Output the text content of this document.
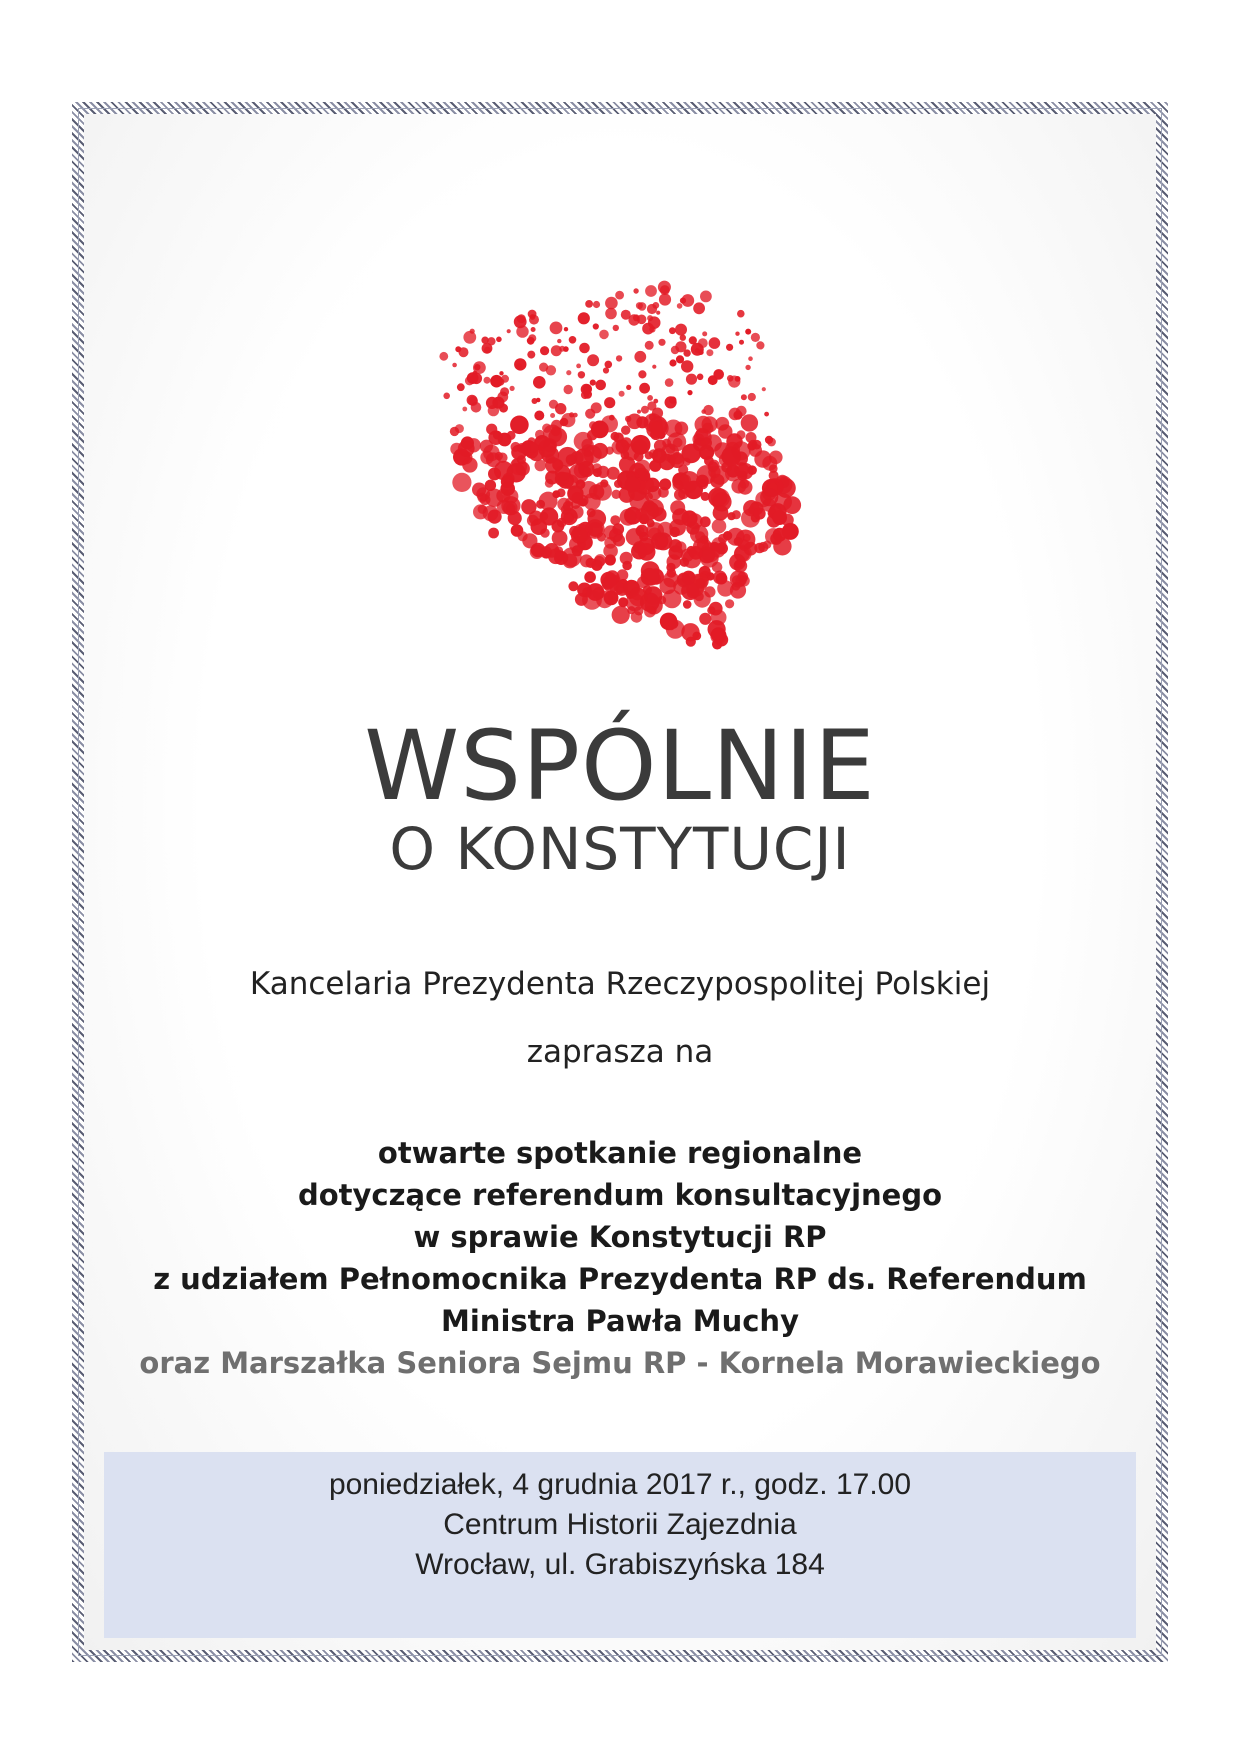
WSPÓLNIE
O KONSTYTUCJI
Kancelaria Prezydenta Rzeczypospolitej Polskiej
zaprasza na
otwarte spotkanie regionalne
dotyczące referendum konsultacyjnego
w sprawie Konstytucji RP
z udziałem Pełnomocnika Prezydenta RP ds. Referendum
Ministra Pawła Muchy
oraz Marszałka Seniora Sejmu RP - Kornela Morawieckiego
poniedziałek, 4 grudnia 2017 r., godz. 17.00
Centrum Historii Zajezdnia
Wrocław, ul. Grabiszyńska 184
